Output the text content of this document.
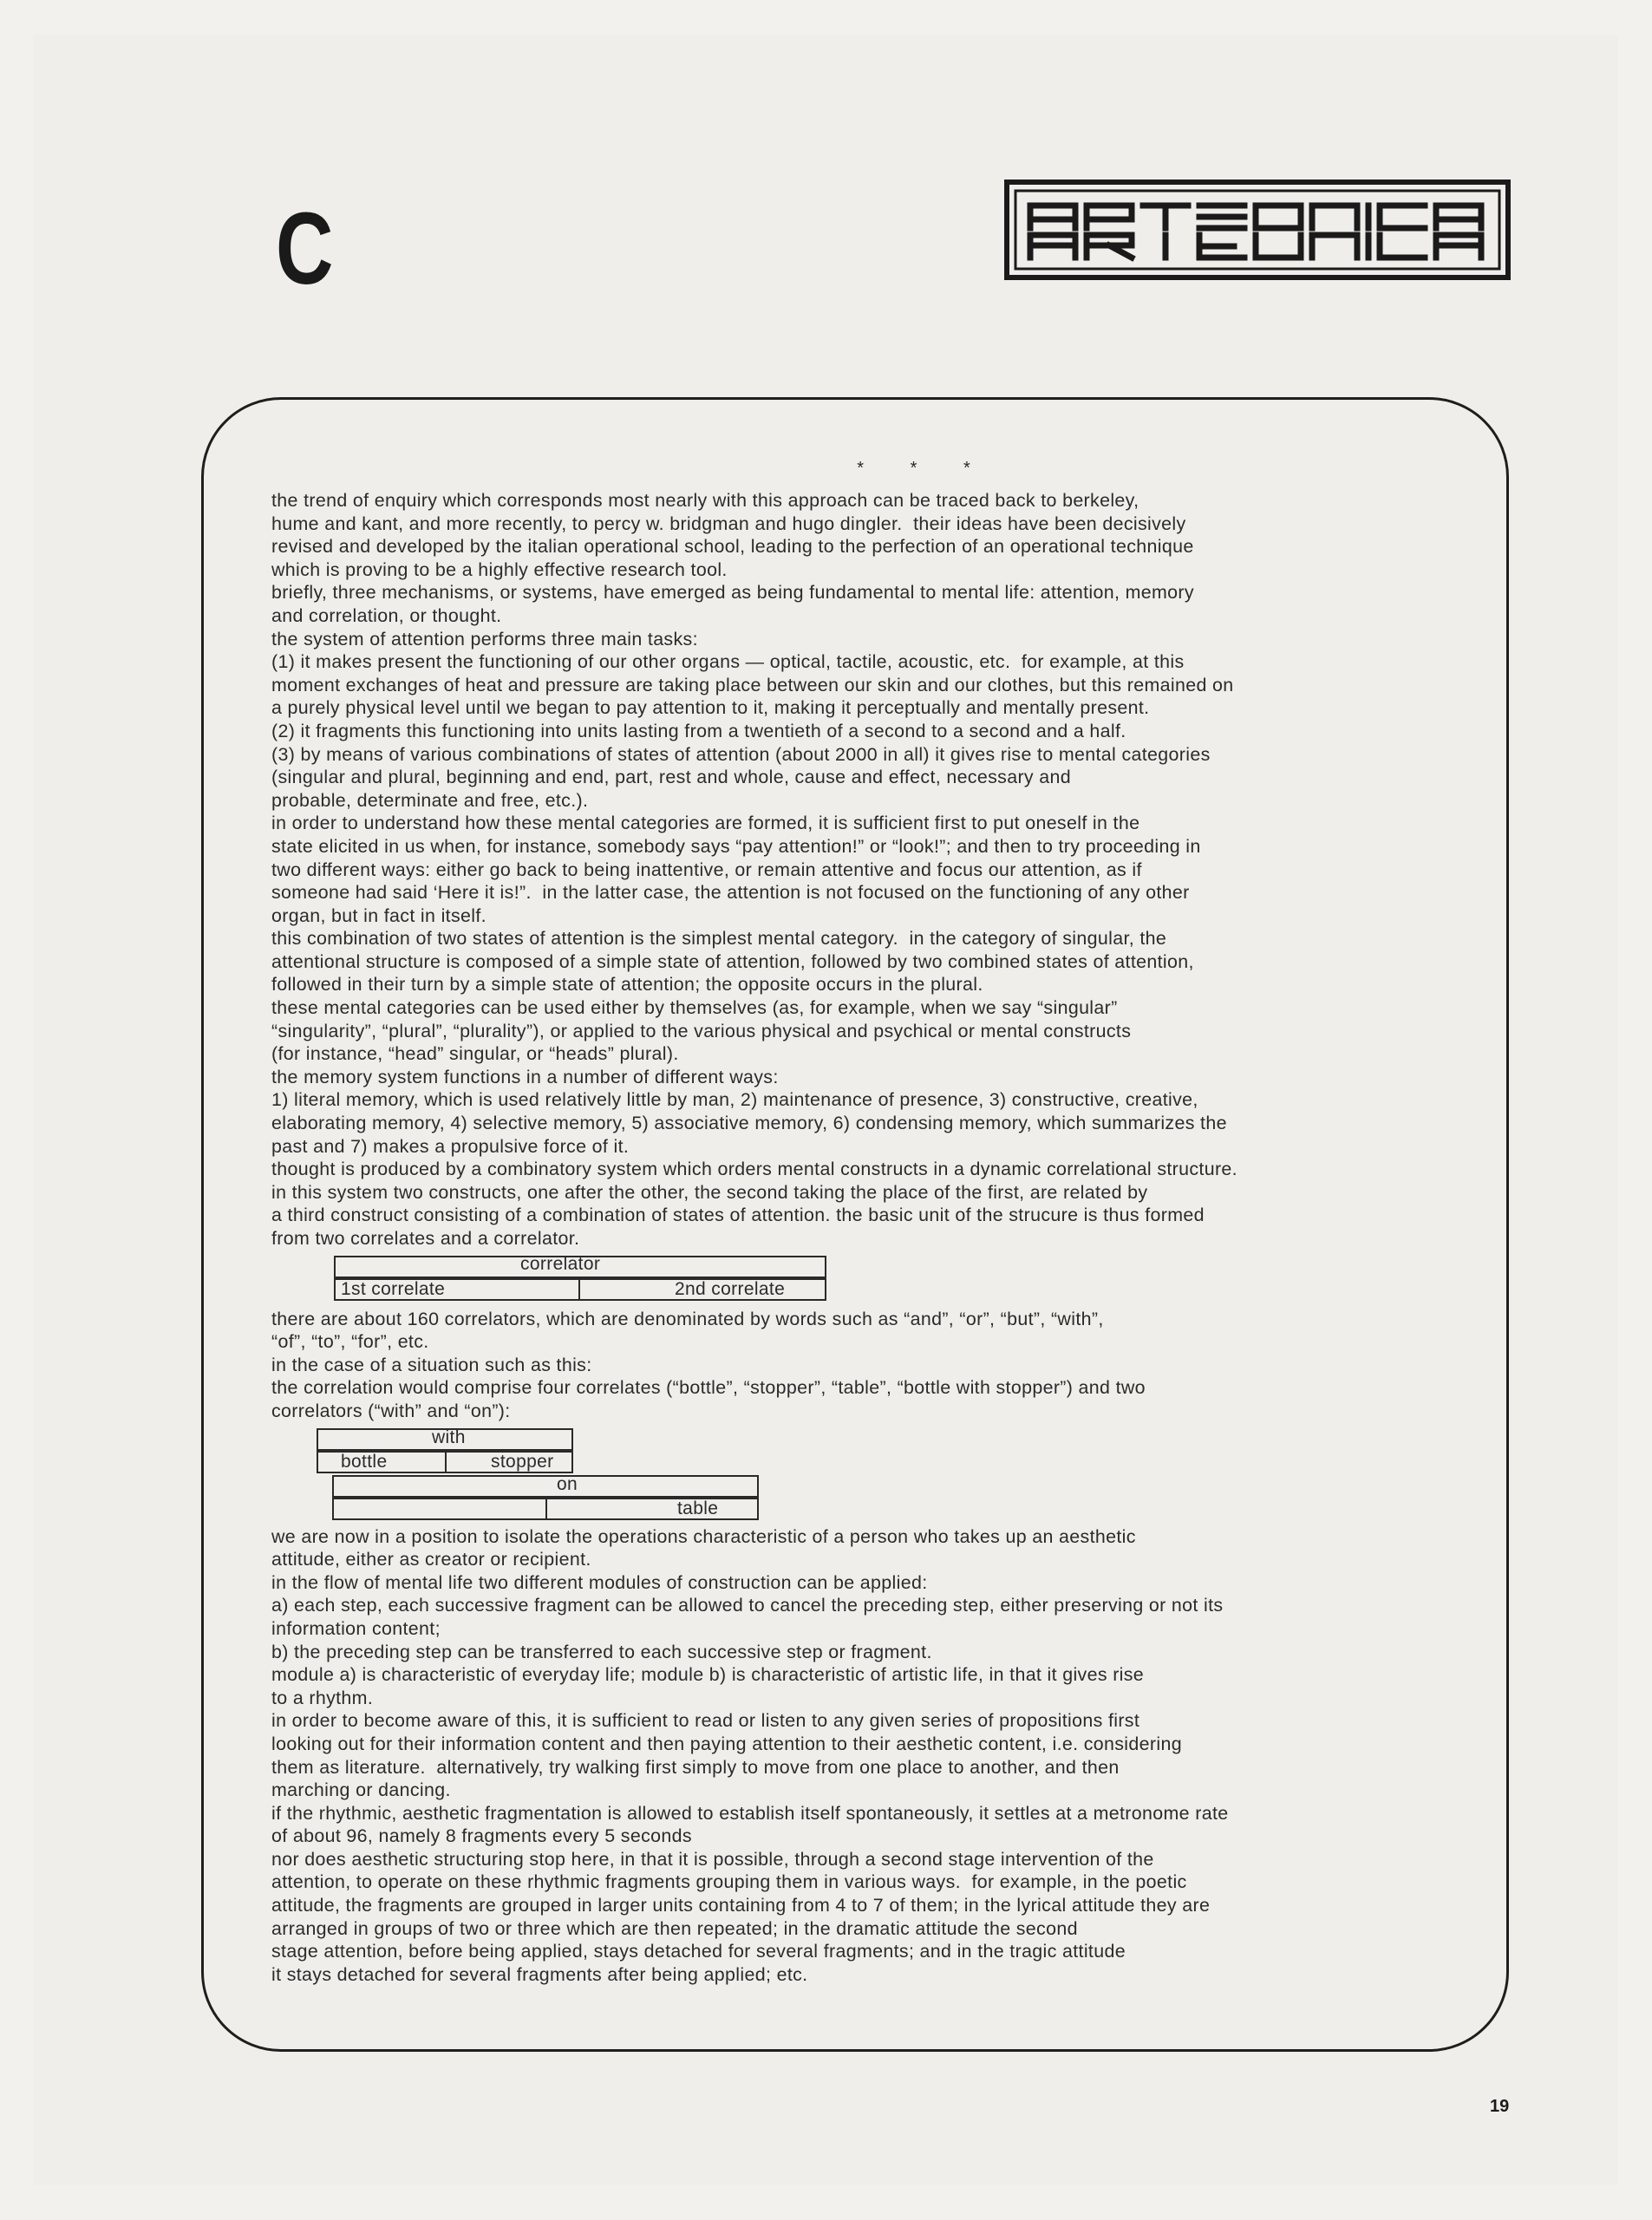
C
* * *

the trend of enquiry which corresponds most nearly with this approach can be traced back to berkeley,
hume and kant, and more recently, to percy w. bridgman and hugo dingler.  their ideas have been decisively
revised and developed by the italian operational school, leading to the perfection of an operational technique
which is proving to be a highly effective research tool.

briefly, three mechanisms, or systems, have emerged as being fundamental to mental life: attention, memory
and correlation, or thought.

the system of attention performs three main tasks:

(1) it makes present the functioning of our other organs — optical, tactile, acoustic, etc.  for example, at this
moment exchanges of heat and pressure are taking place between our skin and our clothes, but this remained on
a purely physical level until we began to pay attention to it, making it perceptually and mentally present.

(2) it fragments this functioning into units lasting from a twentieth of a second to a second and a half.

(3) by means of various combinations of states of attention (about 2000 in all) it gives rise to mental categories
(singular and plural, beginning and end, part, rest and whole, cause and effect, necessary and
probable, determinate and free, etc.).

in order to understand how these mental categories are formed, it is sufficient first to put oneself in the
state elicited in us when, for instance, somebody says “pay attention!” or “look!”; and then to try proceeding in
two different ways: either go back to being inattentive, or remain attentive and focus our attention, as if
someone had said ‘Here it is!”.  in the latter case, the attention is not focused on the functioning of any other
organ, but in fact in itself.

this combination of two states of attention is the simplest mental category.  in the category of singular, the
attentional structure is composed of a simple state of attention, followed by two combined states of attention,
followed in their turn by a simple state of attention; the opposite occurs in the plural.

these mental categories can be used either by themselves (as, for example, when we say “singular”
“singularity”, “plural”, “plurality”), or applied to the various physical and psychical or mental constructs
(for instance, “head” singular, or “heads” plural).

the memory system functions in a number of different ways:

1) literal memory, which is used relatively little by man, 2) maintenance of presence, 3) constructive, creative,
elaborating memory, 4) selective memory, 5) associative memory, 6) condensing memory, which summarizes the
past and 7) makes a propulsive force of it.

thought is produced by a combinatory system which orders mental constructs in a dynamic correlational structure.
in this system two constructs, one after the other, the second taking the place of the first, are related by
a third construct consisting of a combination of states of attention. the basic unit of the strucure is thus formed
from two correlates and a correlator.

correlator
1st correlate	2nd correlate

there are about 160 correlators, which are denominated by words such as “and”, “or”, “but”, “with”,
“of”, “to”, “for”, etc.

in the case of a situation such as this:

the correlation would comprise four correlates (“bottle”, “stopper”, “table”, “bottle with stopper”) and two
correlators (“with” and “on”):

with
bottle	stopper
on
table

we are now in a position to isolate the operations characteristic of a person who takes up an aesthetic
attitude, either as creator or recipient.

in the flow of mental life two different modules of construction can be applied:

a) each step, each successive fragment can be allowed to cancel the preceding step, either preserving or not its
information content;

b) the preceding step can be transferred to each successive step or fragment.

module a) is characteristic of everyday life; module b) is characteristic of artistic life, in that it gives rise
to a rhythm.

in order to become aware of this, it is sufficient to read or listen to any given series of propositions first
looking out for their information content and then paying attention to their aesthetic content, i.e. considering
them as literature.  alternatively, try walking first simply to move from one place to another, and then
marching or dancing.

if the rhythmic, aesthetic fragmentation is allowed to establish itself spontaneously, it settles at a metronome rate
of about 96, namely 8 fragments every 5 seconds

nor does aesthetic structuring stop here, in that it is possible, through a second stage intervention of the
attention, to operate on these rhythmic fragments grouping them in various ways.  for example, in the poetic
attitude, the fragments are grouped in larger units containing from 4 to 7 of them; in the lyrical attitude they are
arranged in groups of two or three which are then repeated; in the dramatic attitude the second
stage attention, before being applied, stays detached for several fragments; and in the tragic attitude
it stays detached for several fragments after being applied; etc.

19
